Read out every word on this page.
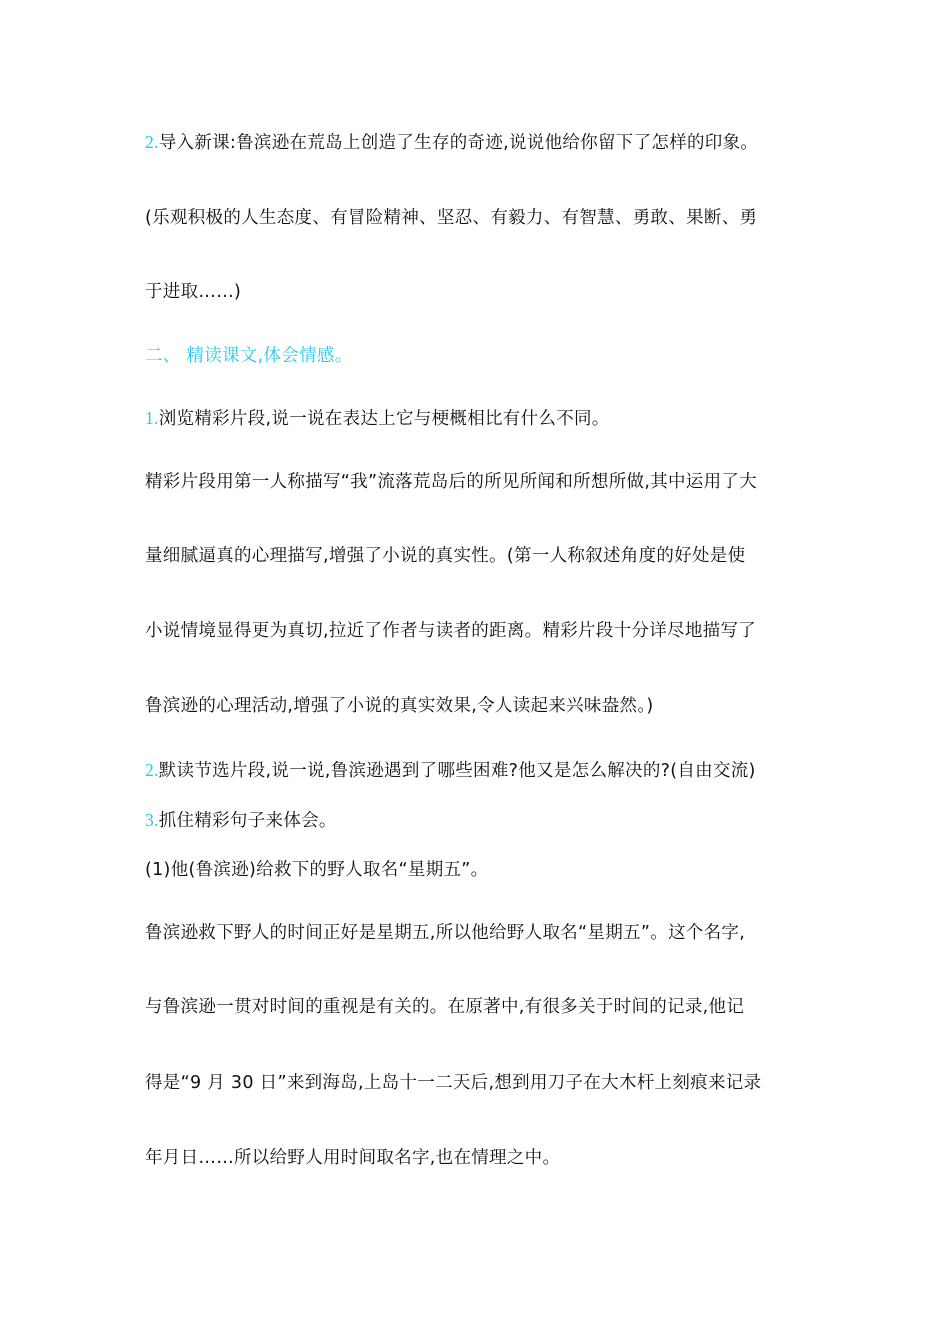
2.导入新课:鲁滨逊在荒岛上创造了生存的奇迹,说说他给你留下了怎样的印象。
(乐观积极的人生态度、有冒险精神、坚忍、有毅力、有智慧、勇敢、果断、勇
于进取……)
二、 精读课文,体会情感。
1.浏览精彩片段,说一说在表达上它与梗概相比有什么不同。
精彩片段用第一人称描写“我”流落荒岛后的所见所闻和所想所做,其中运用了大
量细腻逼真的心理描写,增强了小说的真实性。(第一人称叙述角度的好处是使
小说情境显得更为真切,拉近了作者与读者的距离。精彩片段十分详尽地描写了
鲁滨逊的心理活动,增强了小说的真实效果,令人读起来兴味盎然。)
2.默读节选片段,说一说,鲁滨逊遇到了哪些困难?他又是怎么解决的?(自由交流)
3.抓住精彩句子来体会。
(1)他(鲁滨逊)给救下的野人取名“星期五”。
鲁滨逊救下野人的时间正好是星期五,所以他给野人取名“星期五”。这个名字,
与鲁滨逊一贯对时间的重视是有关的。在原著中,有很多关于时间的记录,他记
得是“9 月 30 日”来到海岛,上岛十一二天后,想到用刀子在大木杆上刻痕来记录
年月日……所以给野人用时间取名字,也在情理之中。
